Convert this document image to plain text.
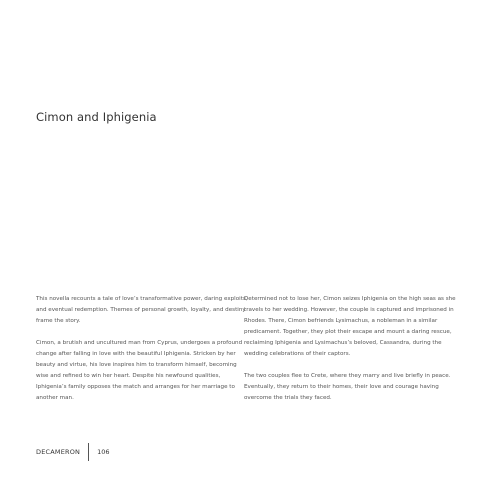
Cimon and Iphigenia

This novella recounts a tale of love’s transformative power, daring exploits, and eventual redemption. Themes of personal growth, loyalty, and destiny frame the story.

Cimon, a brutish and uncultured man from Cyprus, undergoes a profound change after falling in love with the beautiful Iphigenia. Stricken by her beauty and virtue, his love inspires him to transform himself, becoming wise and refined to win her heart. Despite his newfound qualities, Iphigenia’s family opposes the match and arranges for her marriage to another man.

Determined not to lose her, Cimon seizes Iphigenia on the high seas as she travels to her wedding. However, the couple is captured and imprisoned in Rhodes. There, Cimon befriends Lysimachus, a nobleman in a similar predicament. Together, they plot their escape and mount a daring rescue, reclaiming Iphigenia and Lysimachus’s beloved, Cassandra, during the wedding celebrations of their captors.

The two couples flee to Crete, where they marry and live briefly in peace. Eventually, they return to their homes, their love and courage having overcome the trials they faced.

DECAMERON	106
